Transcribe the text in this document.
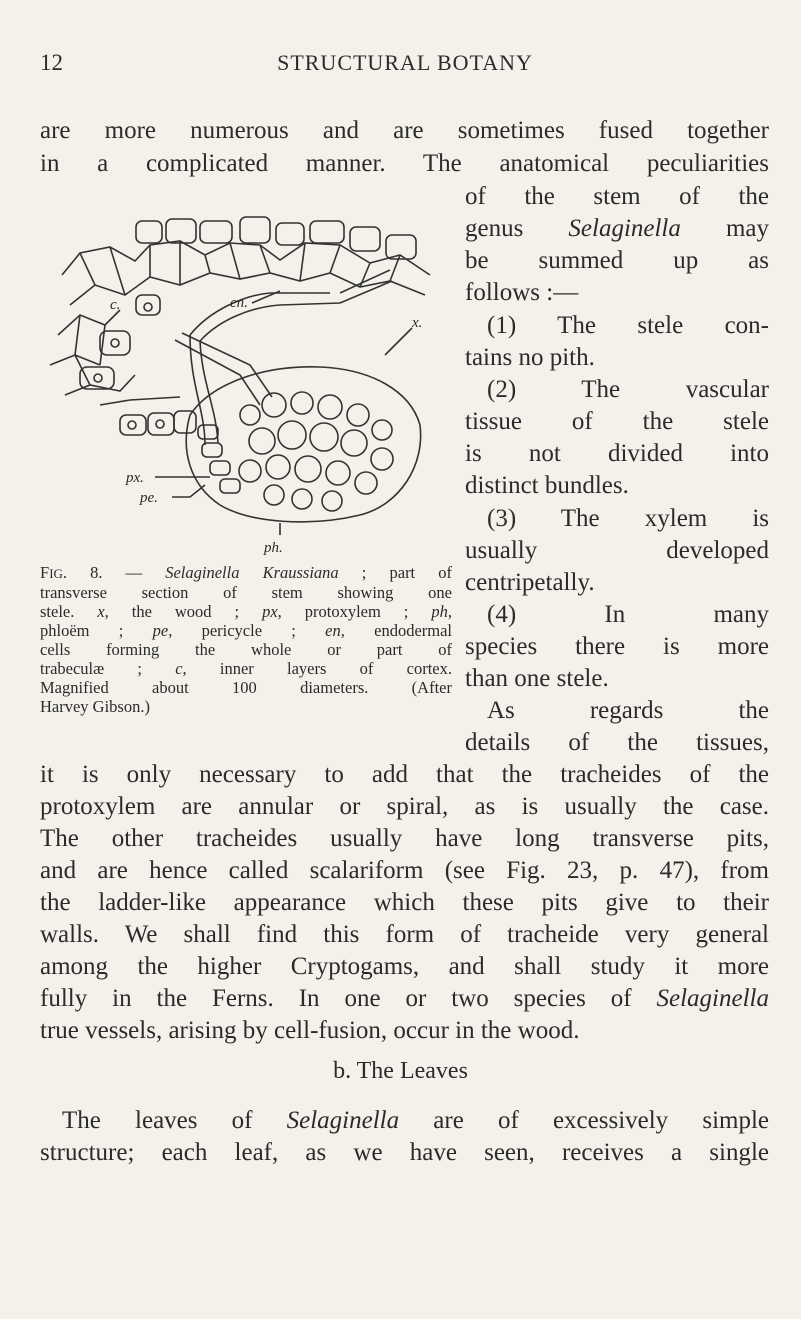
12	STRUCTURAL BOTANY
are more numerous and are sometimes fused together
in a complicated manner. The anatomical peculiarities
of the stem of the
genus Selaginella may
be summed up as
follows :—
(1) The stele con-
tains no pith.
(2) The vascular
tissue of the stele
is not divided into
distinct bundles.
(3) The xylem is
usually developed
centripetally.
(4) In many
species there is more
than one stele.
As regards the
details of the tissues,
c.	en.
x.
px.
pe.
ph.
FIG. 8. — Selaginella Kraussiana ; part of
transverse section of stem showing one
stele. x, the wood ; px, protoxylem ; ph,
phloëm ; pe, pericycle ; en, endodermal
cells forming the whole or part of
trabeculæ ; c, inner layers of cortex.
Magnified about 100 diameters. (After
Harvey Gibson.)
it is only necessary to add that the tracheides of the
protoxylem are annular or spiral, as is usually the case.
The other tracheides usually have long transverse pits,
and are hence called scalariform (see Fig. 23, p. 47), from
the ladder-like appearance which these pits give to their
walls. We shall find this form of tracheide very general
among the higher Cryptogams, and shall study it more
fully in the Ferns. In one or two species of Selaginella
true vessels, arising by cell-fusion, occur in the wood.
b. The Leaves
The leaves of Selaginella are of excessively simple
structure; each leaf, as we have seen, receives a single
